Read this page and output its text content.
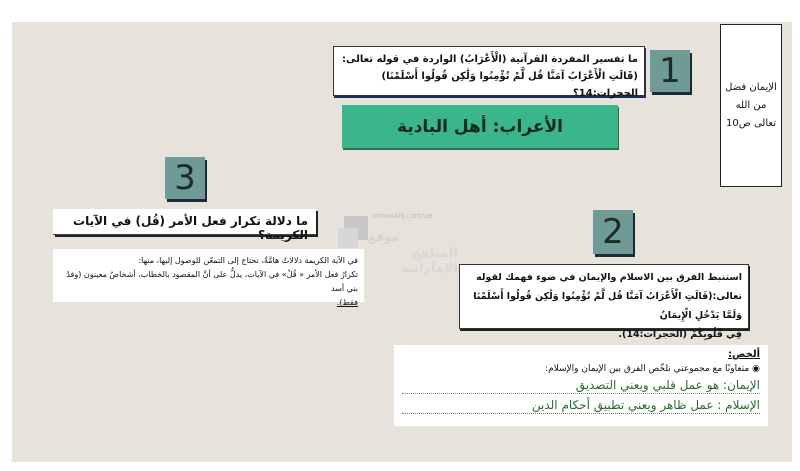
الإيمان فضل من الله تعالى ص10
1
ما تفسير المفردة القرآنية (الْأَعْرَابُ) الواردة في قوله تعالى: (قَالَتِ الْأَعْرَابُ آمَنَّا قُل لَّمْ تُؤْمِنُوا وَلَٰكِن قُولُوا أَسْلَمْنَا) الحجرات:14؟
الأعراب: أهل البادية
3
ما دلالة تكرار فعل الأمر (قُل) في الآيات الكريمة؟
في الآية الكريمة دلالاتٌ هامَّةٌ، نحتاج إلى التمعّن للوصول إليها، منها:
تكرارُ فعل الأمر « قُلْ» في الآيات، يدلُّ على أنَّ المقصود بالخطاب، أشخاصٌ معينون (وفدُ بني أسد
فقط).
almanahj.com/ae
موقع
المناهج الإماراتية
2
استنبط الفرق بين الاسلام والإيمان في ضوء فهمك لقوله
تعالى:(قَالَتِ الْأَعْرَابُ آمَنَّا قُل لَّمْ تُؤْمِنُوا وَلَٰكِن قُولُوا أَسْلَمْنَا وَلَمَّا يَدْخُلِ الْإِيمَانُ
فِي قُلُوبِكُمْ (الحجرات:14).
ألخص:
◉ متعاونًا مع مجموعتي نلخّص الفرق بين الإيمان والإسلام:
الإيمان: هو عمل قلبي ويعني التصديق
الإسلام : عمل ظاهر ويعني تطبيق أحكام الدين
